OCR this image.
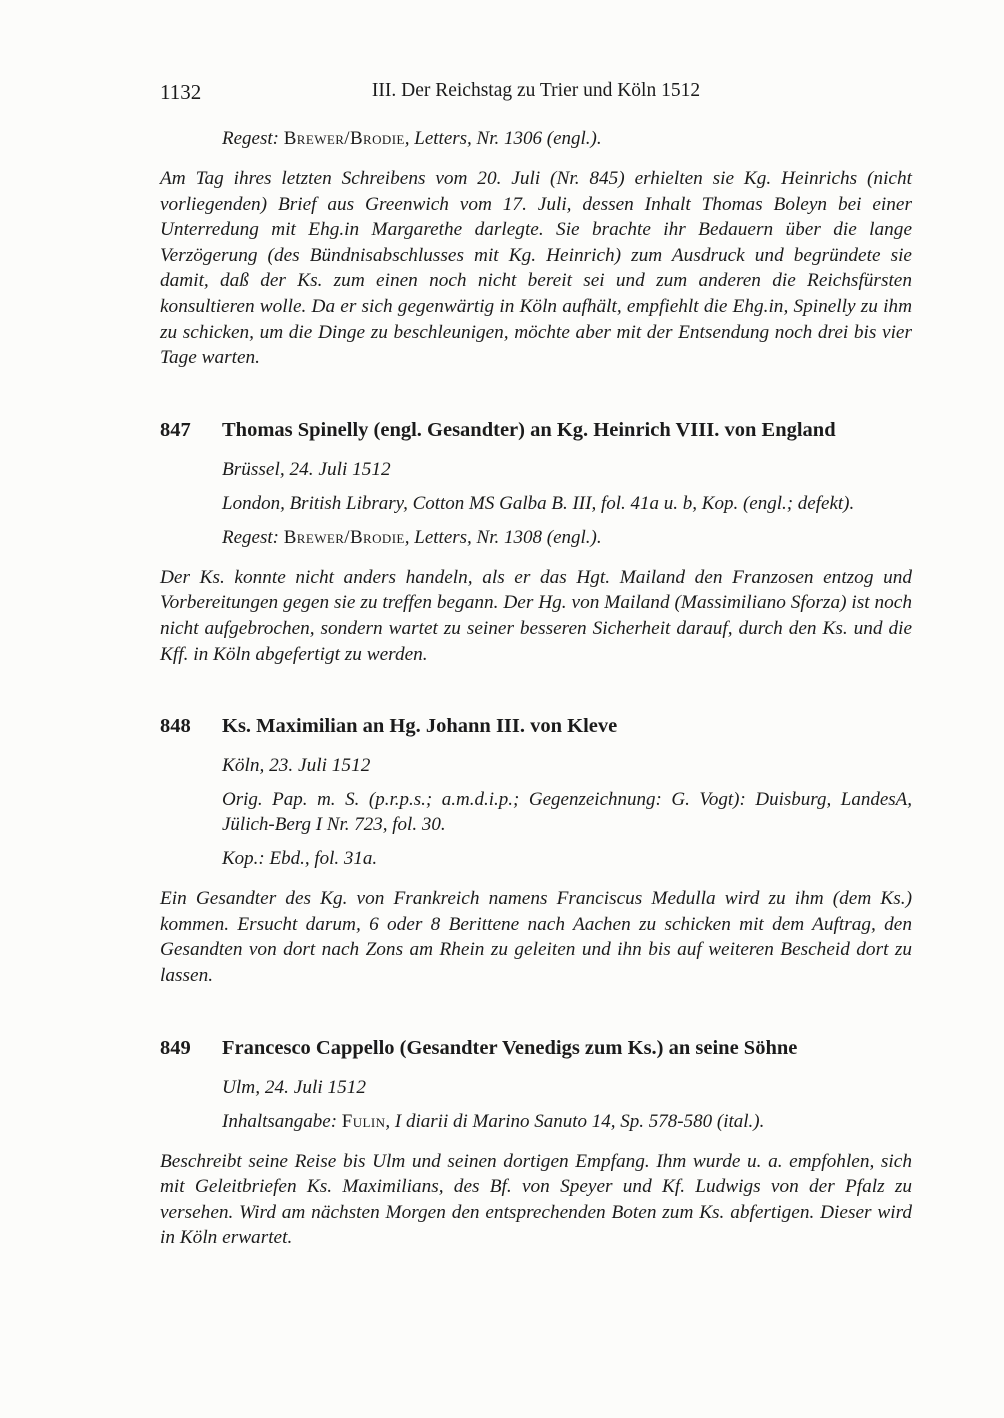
1132	III. Der Reichstag zu Trier und Köln 1512

Regest: Brewer/Brodie, Letters, Nr. 1306 (engl.).

Am Tag ihres letzten Schreibens vom 20. Juli (Nr. 845) erhielten sie Kg. Heinrichs (nicht vorliegenden) Brief aus Greenwich vom 17. Juli, dessen Inhalt Thomas Boleyn bei einer Unterredung mit Ehg.in Margarethe darlegte. Sie brachte ihr Bedauern über die lange Verzögerung (des Bündnisabschlusses mit Kg. Heinrich) zum Ausdruck und begründete sie damit, daß der Ks. zum einen noch nicht bereit sei und zum anderen die Reichsfürsten konsultieren wolle. Da er sich gegenwärtig in Köln aufhält, empfiehlt die Ehg.in, Spinelly zu ihm zu schicken, um die Dinge zu beschleunigen, möchte aber mit der Entsendung noch drei bis vier Tage warten.

847	Thomas Spinelly (engl. Gesandter) an Kg. Heinrich VIII. von England

Brüssel, 24. Juli 1512

London, British Library, Cotton MS Galba B. III, fol. 41a u. b, Kop. (engl.; defekt).

Regest: Brewer/Brodie, Letters, Nr. 1308 (engl.).

Der Ks. konnte nicht anders handeln, als er das Hgt. Mailand den Franzosen entzog und Vorbereitungen gegen sie zu treffen begann. Der Hg. von Mailand (Massimiliano Sforza) ist noch nicht aufgebrochen, sondern wartet zu seiner besseren Sicherheit darauf, durch den Ks. und die Kff. in Köln abgefertigt zu werden.

848	Ks. Maximilian an Hg. Johann III. von Kleve

Köln, 23. Juli 1512

Orig. Pap. m. S. (p.r.p.s.; a.m.d.i.p.; Gegenzeichnung: G. Vogt): Duisburg, LandesA, Jülich-Berg I Nr. 723, fol. 30.

Kop.: Ebd., fol. 31a.

Ein Gesandter des Kg. von Frankreich namens Franciscus Medulla wird zu ihm (dem Ks.) kommen. Ersucht darum, 6 oder 8 Berittene nach Aachen zu schicken mit dem Auftrag, den Gesandten von dort nach Zons am Rhein zu geleiten und ihn bis auf weiteren Bescheid dort zu lassen.

849	Francesco Cappello (Gesandter Venedigs zum Ks.) an seine Söhne

Ulm, 24. Juli 1512

Inhaltsangabe: Fulin, I diarii di Marino Sanuto 14, Sp. 578-580 (ital.).

Beschreibt seine Reise bis Ulm und seinen dortigen Empfang. Ihm wurde u. a. empfohlen, sich mit Geleitbriefen Ks. Maximilians, des Bf. von Speyer und Kf. Ludwigs von der Pfalz zu versehen. Wird am nächsten Morgen den entsprechenden Boten zum Ks. abfertigen. Dieser wird in Köln erwartet.
